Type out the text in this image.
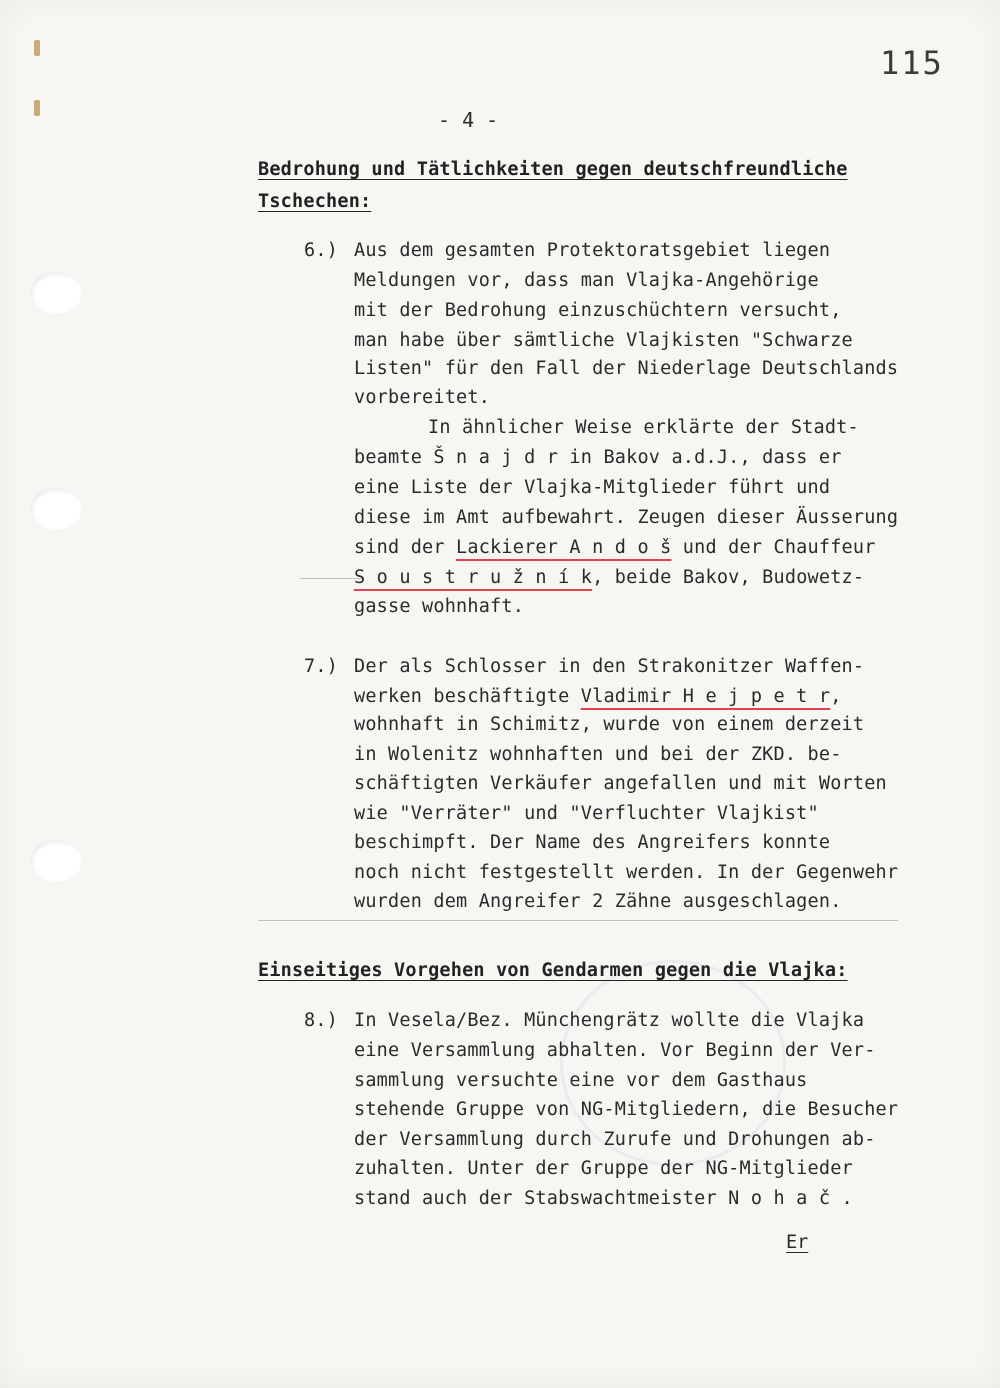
115
- 4 -
Bedrohung und Tätlichkeiten gegen deutschfreundliche
Tschechen:
6.) Aus dem gesamten Protektoratsgebiet liegen
Meldungen vor, dass man Vlajka-Angehörige
mit der Bedrohung einzuschüchtern versucht,
man habe über sämtliche Vlajkisten "Schwarze
Listen" für den Fall der Niederlage Deutschlands
vorbereitet.
In ähnlicher Weise erklärte der Stadt-
beamte Š n a j d r in Bakov a.d.J., dass er
eine Liste der Vlajka-Mitglieder führt und
diese im Amt aufbewahrt. Zeugen dieser Äusserung
sind der Lackierer A n d o š und der Chauffeur
S o u s t r u ž n í k, beide Bakov, Budowetz-
gasse wohnhaft.
7.) Der als Schlosser in den Strakonitzer Waffen-
werken beschäftigte Vladimir H e j p e t r,
wohnhaft in Schimitz, wurde von einem derzeit
in Wolenitz wohnhaften und bei der ZKD. be-
schäftigten Verkäufer angefallen und mit Worten
wie "Verräter" und "Verfluchter Vlajkist"
beschimpft. Der Name des Angreifers konnte
noch nicht festgestellt werden. In der Gegenwehr
wurden dem Angreifer 2 Zähne ausgeschlagen.
Einseitiges Vorgehen von Gendarmen gegen die Vlajka:
8.) In Vesela/Bez. Münchengrätz wollte die Vlajka
eine Versammlung abhalten. Vor Beginn der Ver-
sammlung versuchte eine vor dem Gasthaus
stehende Gruppe von NG-Mitgliedern, die Besucher
der Versammlung durch Zurufe und Drohungen ab-
zuhalten. Unter der Gruppe der NG-Mitglieder
stand auch der Stabswachtmeister N o h a č .
Er
